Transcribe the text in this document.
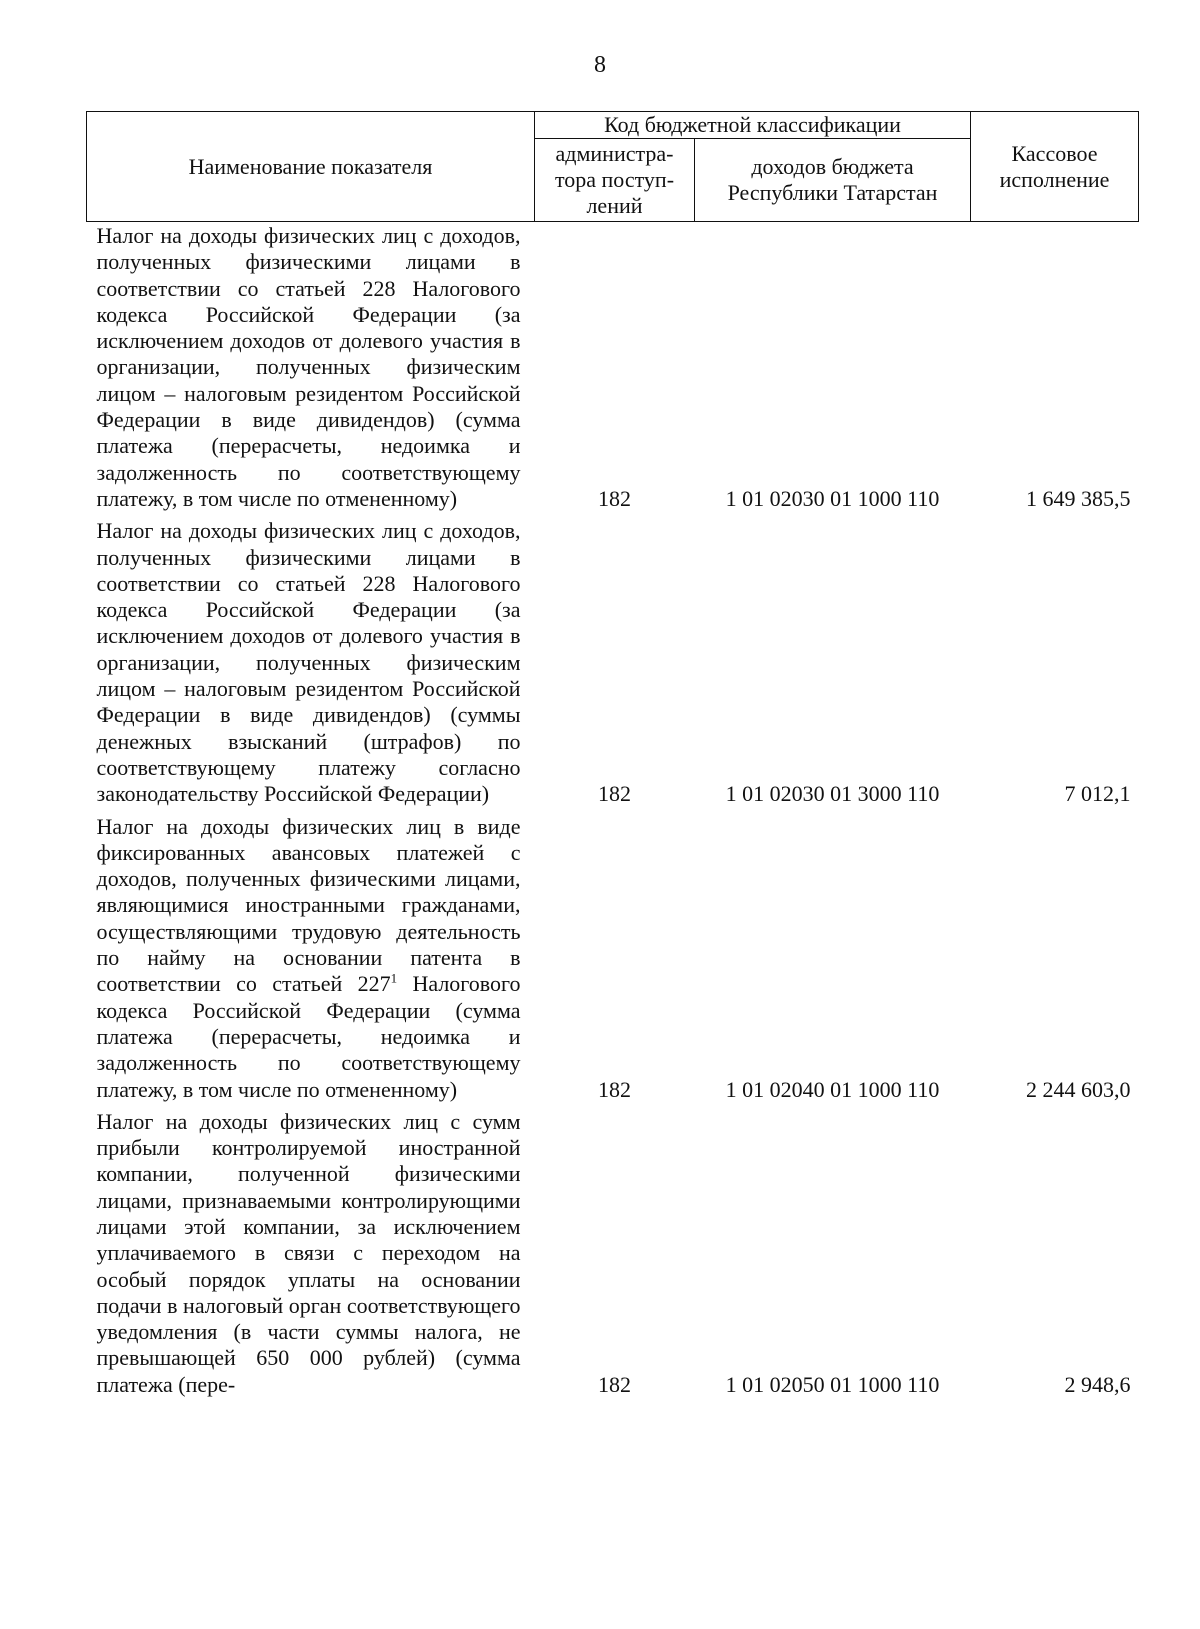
8
Наименование показателя	Код бюджетной классификации		Кассовое исполнение
	администра-тора поступ-лений	доходов бюджета Республики Татарстан	
Налог на доходы физических лиц с доходов, полученных физическими лицами в соответствии со статьей 228 Налогового кодекса Российской Федерации (за исключением доходов от долевого участия в организации, полученных физическим лицом – налоговым резидентом Российской Федерации в виде дивидендов) (сумма платежа (перерасчеты, недоимка и задолженность по соответствующему платежу, в том числе по отмененному)	182	1 01 02030 01 1000 110	1 649 385,5
Налог на доходы физических лиц с доходов, полученных физическими лицами в соответствии со статьей 228 Налогового кодекса Российской Федерации (за исключением доходов от долевого участия в организации, полученных физическим лицом – налоговым резидентом Российской Федерации в виде дивидендов) (суммы денежных взысканий (штрафов) по соответствующему платежу согласно законодательству Российской Федерации)	182	1 01 02030 01 3000 110	7 012,1
Налог на доходы физических лиц в виде фиксированных авансовых платежей с доходов, полученных физическими лицами, являющимися иностранными гражданами, осуществляющими трудовую деятельность по найму на основании патента в соответствии со статьей $227^1$ Налогового кодекса Российской Федерации (сумма платежа (перерасчеты, недоимка и задолженность по соответствующему платежу, в том числе по отмененному)	182	1 01 02040 01 1000 110	2 244 603,0
Налог на доходы физических лиц с сумм прибыли контролируемой иностранной компании, полученной физическими лицами, признаваемыми контролирующими лицами этой компании, за исключением уплачиваемого в связи с переходом на особый порядок уплаты на основании подачи в налоговый орган соответствующего уведомления (в части суммы налога, не превышающей 650 000 рублей) (сумма платежа (пере-	182	1 01 02050 01 1000 110	2 948,6
